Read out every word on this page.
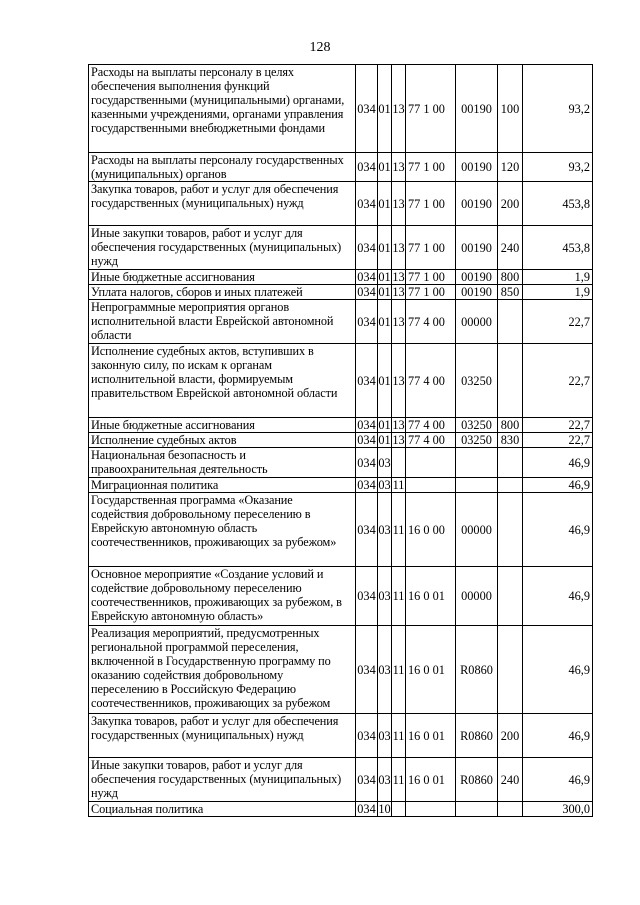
128
Расходы на выплаты персоналу в целях обеспечения выполнения функций государственными (муниципальными) органами, казенными учреждениями, органами управления государственными внебюджетными фондами	034	01	13	77 1 00	00190	100	93,2
Расходы на выплаты персоналу государственных (муниципальных) органов	034	01	13	77 1 00	00190	120	93,2
Закупка товаров, работ и услуг для обеспечения государственных (муниципальных) нужд	034	01	13	77 1 00	00190	200	453,8
Иные закупки товаров, работ и услуг для обеспечения государственных (муниципальных) нужд	034	01	13	77 1 00	00190	240	453,8
Иные бюджетные ассигнования	034	01	13	77 1 00	00190	800	1,9
Уплата налогов, сборов и иных платежей	034	01	13	77 1 00	00190	850	1,9
Непрограммные мероприятия органов исполнительной власти Еврейской автономной области	034	01	13	77 4 00	00000		22,7
Исполнение судебных актов, вступивших в законную силу, по искам к органам исполнительной власти, формируемым правительством Еврейской автономной области	034	01	13	77 4 00	03250		22,7
Иные бюджетные ассигнования	034	01	13	77 4 00	03250	800	22,7
Исполнение судебных актов	034	01	13	77 4 00	03250	830	22,7
Национальная безопасность и правоохранительная деятельность	034	03					46,9
Миграционная политика	034	03	11				46,9
Государственная программа «Оказание содействия добровольному переселению в Еврейскую автономную область соотечественников, проживающих за рубежом»	034	03	11	16 0 00	00000		46,9
Основное мероприятие «Создание условий и содействие добровольному переселению соотечественников, проживающих за рубежом, в Еврейскую автономную область»	034	03	11	16 0 01	00000		46,9
Реализация мероприятий, предусмотренных региональной программой переселения, включенной в Государственную программу по оказанию содействия добровольному переселению в Российскую Федерацию соотечественников, проживающих за рубежом	034	03	11	16 0 01	R0860		46,9
Закупка товаров, работ и услуг для обеспечения государственных (муниципальных) нужд	034	03	11	16 0 01	R0860	200	46,9
Иные закупки товаров, работ и услуг для обеспечения государственных (муниципальных) нужд	034	03	11	16 0 01	R0860	240	46,9
Социальная политика	034	10					300,0
